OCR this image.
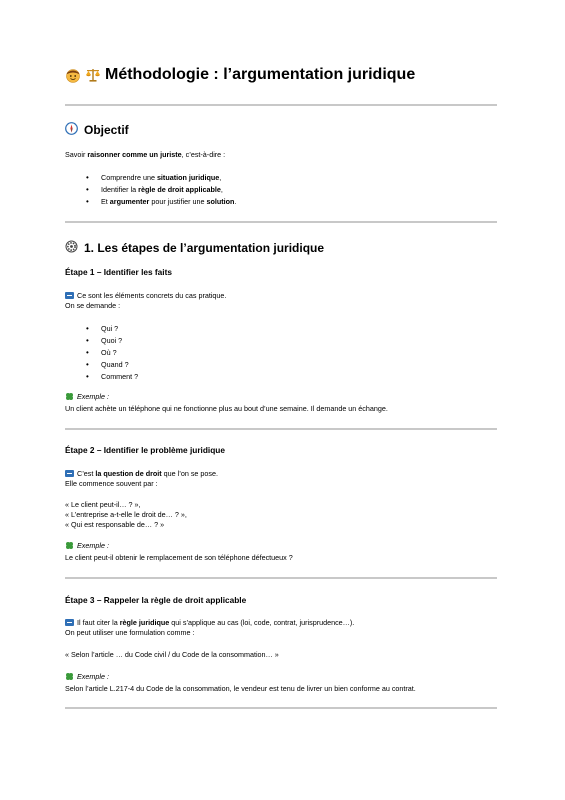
Méthodologie : l’argumentation juridique
Objectif
Savoir raisonner comme un juriste, c’est-à-dire :
• Comprendre une situation juridique,
• Identifier la règle de droit applicable,
• Et argumenter pour justifier une solution.
1. Les étapes de l’argumentation juridique
Étape 1 – Identifier les faits
Ce sont les éléments concrets du cas pratique.
On se demande :
• Qui ?
• Quoi ?
• Où ?
• Quand ?
• Comment ?
Exemple :
Un client achète un téléphone qui ne fonctionne plus au bout d’une semaine. Il demande un échange.
Étape 2 – Identifier le problème juridique
C’est la question de droit que l’on se pose.
Elle commence souvent par :
« Le client peut-il… ? »,
« L’entreprise a-t-elle le droit de… ? »,
« Qui est responsable de… ? »
Exemple :
Le client peut-il obtenir le remplacement de son téléphone défectueux ?
Étape 3 – Rappeler la règle de droit applicable
Il faut citer la règle juridique qui s’applique au cas (loi, code, contrat, jurisprudence…).
On peut utiliser une formulation comme :
« Selon l’article … du Code civil / du Code de la consommation… »
Exemple :
Selon l’article L.217-4 du Code de la consommation, le vendeur est tenu de livrer un bien conforme au contrat.
